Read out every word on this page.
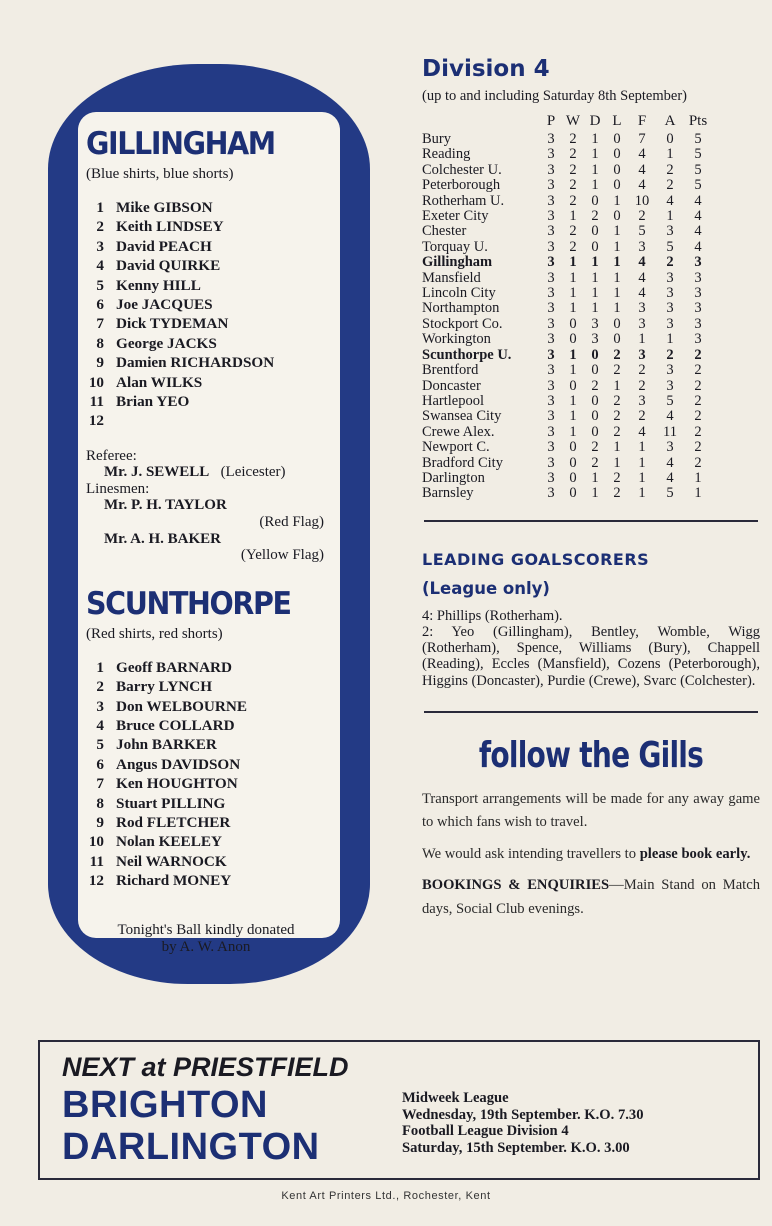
GILLINGHAM
(Blue shirts, blue shorts)
1 Mike GIBSON
2 Keith LINDSEY
3 David PEACH
4 David QUIRKE
5 Kenny HILL
6 Joe JACQUES
7 Dick TYDEMAN
8 George JACKS
9 Damien RICHARDSON
10 Alan WILKS
11 Brian YEO
12
Referee:
Mr. J. SEWELL (Leicester)
Linesmen:
Mr. P. H. TAYLOR
(Red Flag)
Mr. A. H. BAKER
(Yellow Flag)
SCUNTHORPE
(Red shirts, red shorts)
1 Geoff BARNARD
2 Barry LYNCH
3 Don WELBOURNE
4 Bruce COLLARD
5 John BARKER
6 Angus DAVIDSON
7 Ken HOUGHTON
8 Stuart PILLING
9 Rod FLETCHER
10 Nolan KEELEY
11 Neil WARNOCK
12 Richard MONEY
Tonight's Ball kindly donated
by A. W. Anon
Division 4
(up to and including Saturday 8th September)
	P	W	D	L	F	A	Pts
Bury	3	2	1	0	7	0	5
Reading	3	2	1	0	4	1	5
Colchester U.	3	2	1	0	4	2	5
Peterborough	3	2	1	0	4	2	5
Rotherham U.	3	2	0	1	10	4	4
Exeter City	3	1	2	0	2	1	4
Chester	3	2	0	1	5	3	4
Torquay U.	3	2	0	1	3	5	4
Gillingham	3	1	1	1	4	2	3
Mansfield	3	1	1	1	4	3	3
Lincoln City	3	1	1	1	4	3	3
Northampton	3	1	1	1	3	3	3
Stockport Co.	3	0	3	0	3	3	3
Workington	3	0	3	0	1	1	3
Scunthorpe U.	3	1	0	2	3	2	2
Brentford	3	1	0	2	2	3	2
Doncaster	3	0	2	1	2	3	2
Hartlepool	3	1	0	2	3	5	2
Swansea City	3	1	0	2	2	4	2
Crewe Alex.	3	1	0	2	4	11	2
Newport C.	3	0	2	1	1	3	2
Bradford City	3	0	2	1	1	4	2
Darlington	3	0	1	2	1	4	1
Barnsley	3	0	1	2	1	5	1
LEADING GOALSCORERS
(League only)
4: Phillips (Rotherham).
2: Yeo (Gillingham), Bentley, Womble, Wigg (Rotherham), Spence, Williams (Bury), Chappell (Reading), Eccles (Mansfield), Cozens (Peterborough), Higgins (Doncaster), Purdie (Crewe), Svarc (Colchester).
follow the Gills
Transport arrangements will be made for any away game to which fans wish to travel.
We would ask intending travellers to please book early.
BOOKINGS & ENQUIRIES—Main Stand on Match days, Social Club evenings.
NEXT at PRIESTFIELD
BRIGHTON
DARLINGTON
Midweek League
Wednesday, 19th September. K.O. 7.30
Football League Division 4
Saturday, 15th September. K.O. 3.00
Kent Art Printers Ltd., Rochester, Kent
